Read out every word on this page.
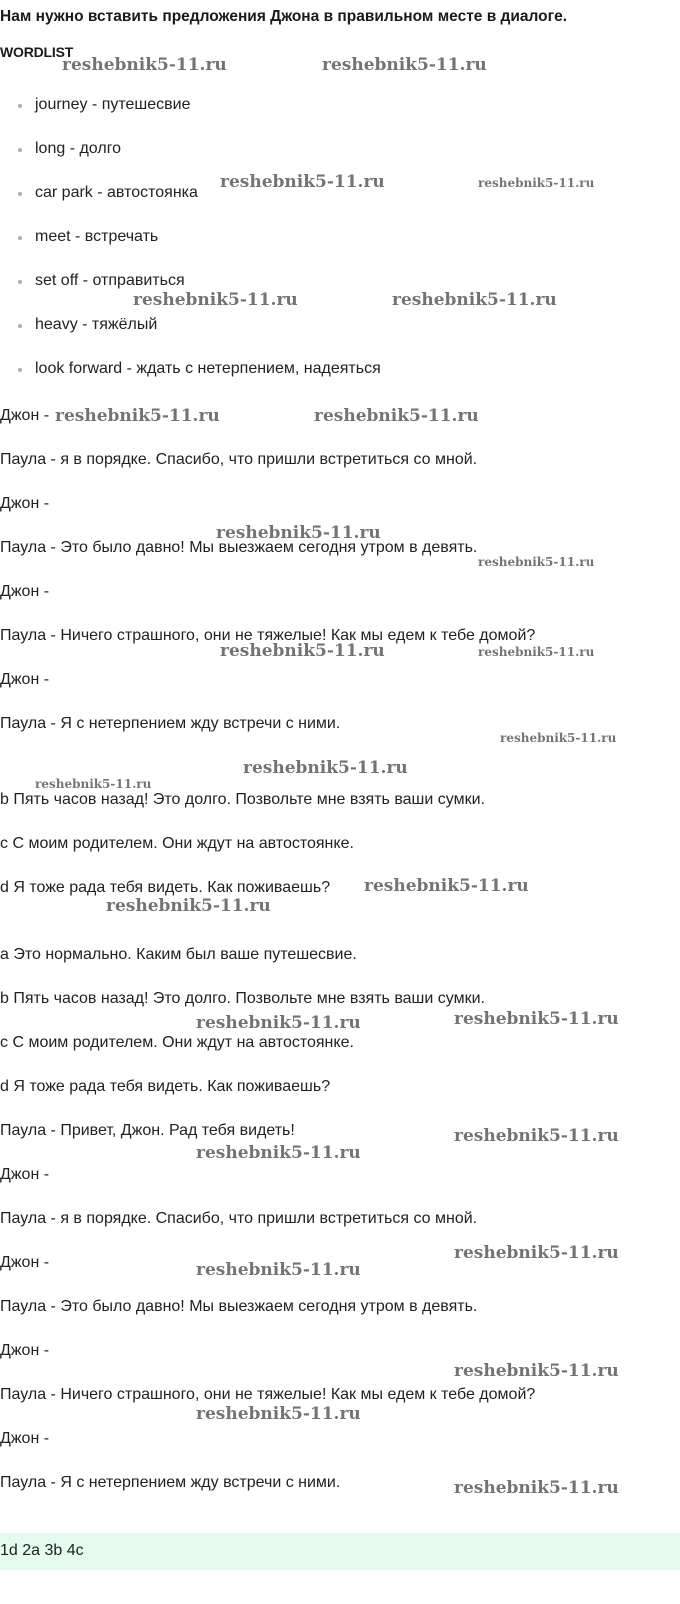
Нам нужно вставить предложения Джона в правильном месте в диалоге.
WORDLIST
journey - путешесвие
long - долго
car park - автостоянка
meet - встречать
set off - отправиться
heavy - тяжёлый
look forward - ждать с нетерпением, надеяться
Джон -
Паула - я в порядке. Спасибо, что пришли встретиться со мной.
Джон -
Паула - Это было давно! Мы выезжаем сегодня утром в девять.
Джон -
Паула - Ничего страшного, они не тяжелые! Как мы едем к тебе домой?
Джон -
Паула - Я с нетерпением жду встречи с ними.
b Пять часов назад! Это долго. Позвольте мне взять ваши сумки.
c С моим родителем. Они ждут на автостоянке.
d Я тоже рада тебя видеть. Как поживаешь?
a Это нормально. Каким был ваше путешесвие.
b Пять часов назад! Это долго. Позвольте мне взять ваши сумки.
c С моим родителем. Они ждут на автостоянке.
d Я тоже рада тебя видеть. Как поживаешь?
Паула - Привет, Джон. Рад тебя видеть!
Джон -
Паула - я в порядке. Спасибо, что пришли встретиться со мной.
Джон -
Паула - Это было давно! Мы выезжаем сегодня утром в девять.
Джон -
Паула - Ничего страшного, они не тяжелые! Как мы едем к тебе домой?
Джон -
Паула - Я с нетерпением жду встречи с ними.
1d 2a 3b 4c
reshebnik5-11.ru	reshebnik5-11.ru
reshebnik5-11.ru	reshebnik5-11.ru
reshebnik5-11.ru	reshebnik5-11.ru
reshebnik5-11.ru	reshebnik5-11.ru
reshebnik5-11.ru
reshebnik5-11.ru
reshebnik5-11.ru	reshebnik5-11.ru
reshebnik5-11.ru
reshebnik5-11.ru
reshebnik5-11.ru
reshebnik5-11.ru
reshebnik5-11.ru
reshebnik5-11.ru	reshebnik5-11.ru
reshebnik5-11.ru
reshebnik5-11.ru
reshebnik5-11.ru
reshebnik5-11.ru
reshebnik5-11.ru
reshebnik5-11.ru
reshebnik5-11.ru
